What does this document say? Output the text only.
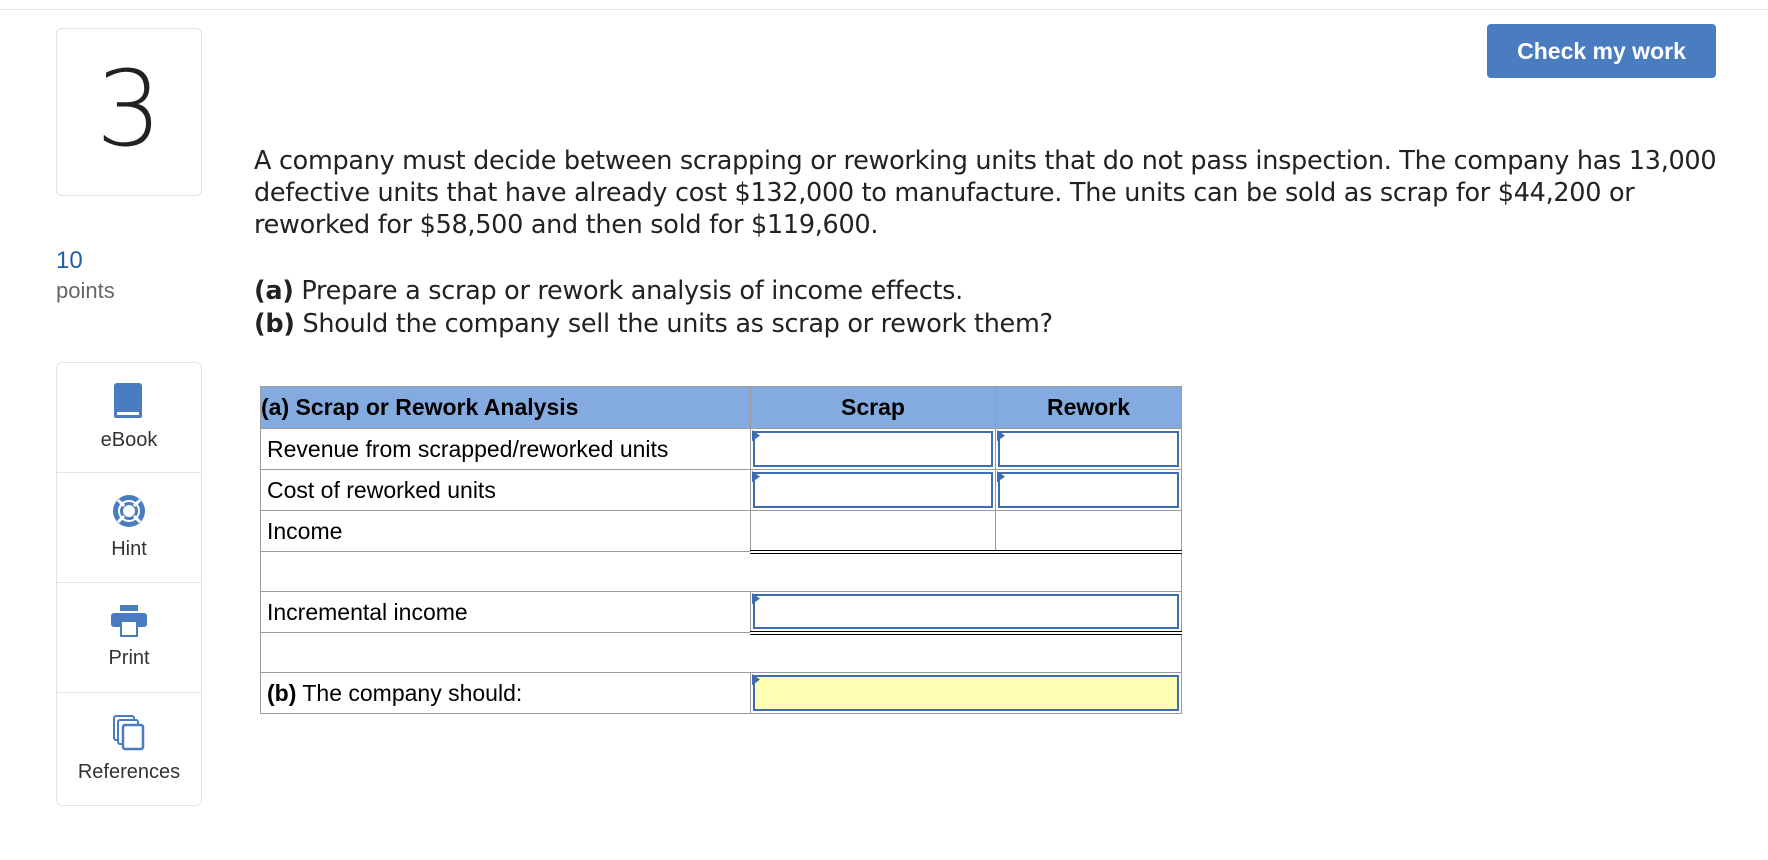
3
10
points
eBook
Hint
Print
References
Check my work
A company must decide between scrapping or reworking units that do not pass inspection. The company has 13,000 defective units that have already cost $132,000 to manufacture. The units can be sold as scrap for $44,200 or reworked for $58,500 and then sold for $119,600.
(a) Prepare a scrap or rework analysis of income effects.
(b) Should the company sell the units as scrap or rework them?
(a) Scrap or Rework Analysis	Scrap	Rework
Revenue from scrapped/reworked units	

Cost of reworked units	

Income		

Incremental income		

(b) The company should:		
